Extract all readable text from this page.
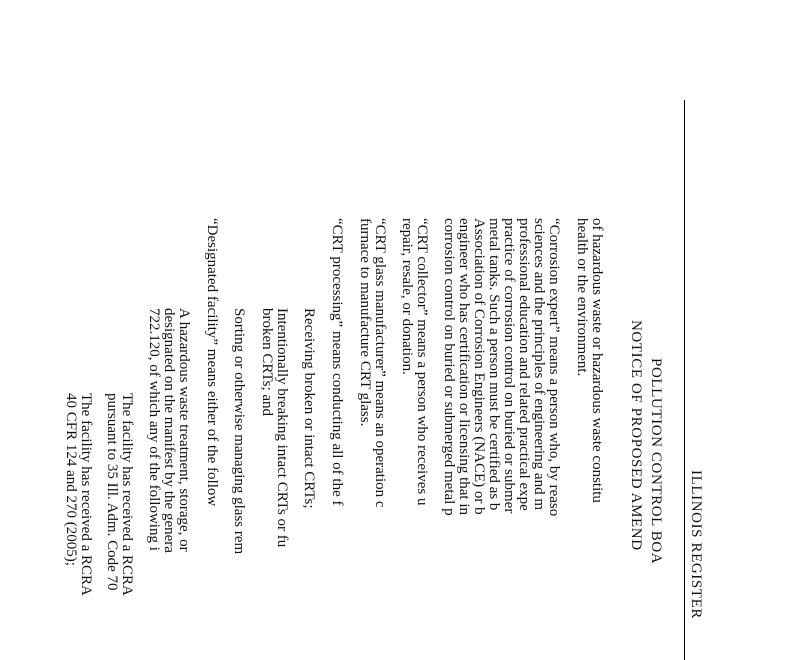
ILLINOIS REGISTER
POLLUTION CONTROL BOA
NOTICE OF PROPOSED AMEND
of hazardous waste or hazardous waste constitu
health or the environment.
“Corrosion expert” means a person who, by reaso
sciences and the principles of engineering and m
professional education and related practical expe
practice of corrosion control on buried or submer
metal tanks. Such a person must be certified as b
Association of Corrosion Engineers (NACE) or b
engineer who has certification or licensing that in
corrosion control on buried or submerged metal p
“CRT collector” means a person who receives u
repair, resale, or donation.
“CRT glass manufacturer” means an operation c
furnace to manufacture CRT glass.
“CRT processing” means conducting all of the f
Receiving broken or intact CRTs;
Intentionally breaking intact CRTs or fu
broken CRTs; and
Sorting or otherwise managing glass rem
“Designated facility” means either of the follow
A hazardous waste treatment, storage, or
designated on the manifest by the genera
722.120, of which any of the following i
The facility has received a RCRA
pursuant to 35 Ill. Adm. Code 70
The facility has received a RCRA
40 CFR 124 and 270 (2005);
